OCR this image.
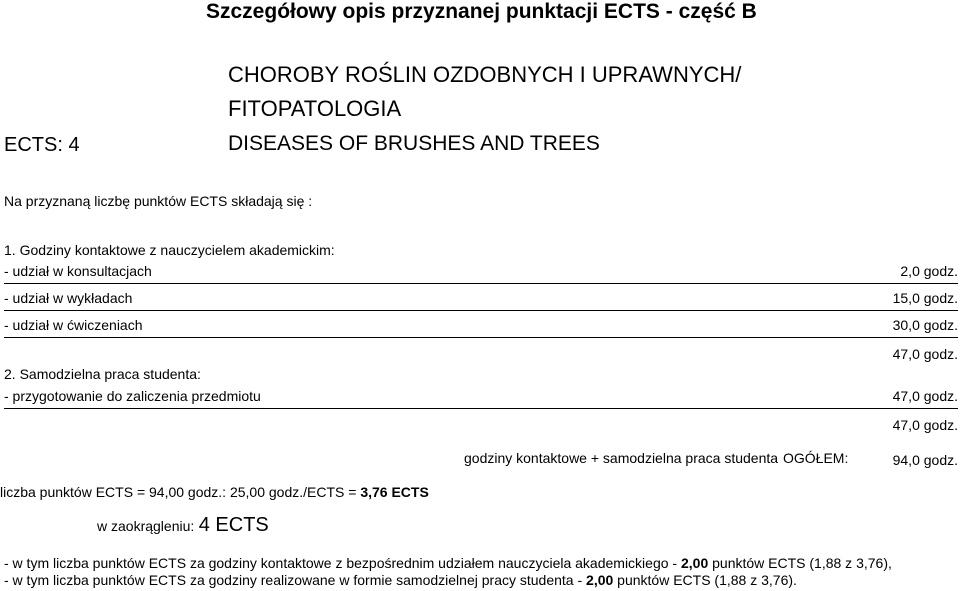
Szczegółowy opis przyznanej punktacji ECTS - część B
CHOROBY ROŚLIN OZDOBNYCH I UPRAWNYCH/
FITOPATOLOGIA
DISEASES OF BRUSHES AND TREES
ECTS: 4
Na przyznaną liczbę punktów ECTS składają się :
1. Godziny kontaktowe z nauczycielem akademickim:
- udział w konsultacjach	2,0 godz.
- udział w wykładach	15,0 godz.
- udział w ćwiczeniach	30,0 godz.
47,0 godz.
2. Samodzielna praca studenta:
- przygotowanie do zaliczenia przedmiotu	47,0 godz.
47,0 godz.
godziny kontaktowe + samodzielna praca studenta OGÓŁEM:	94,0 godz.
liczba punktów ECTS = 94,00 godz.: 25,00 godz./ECTS = 3,76 ECTS
w zaokrągleniu: 4 ECTS
- w tym liczba punktów ECTS za godziny kontaktowe z bezpośrednim udziałem nauczyciela akademickiego - 2,00 punktów ECTS (1,88 z 3,76),
- w tym liczba punktów ECTS za godziny realizowane w formie samodzielnej pracy studenta - 2,00 punktów ECTS (1,88 z 3,76).
